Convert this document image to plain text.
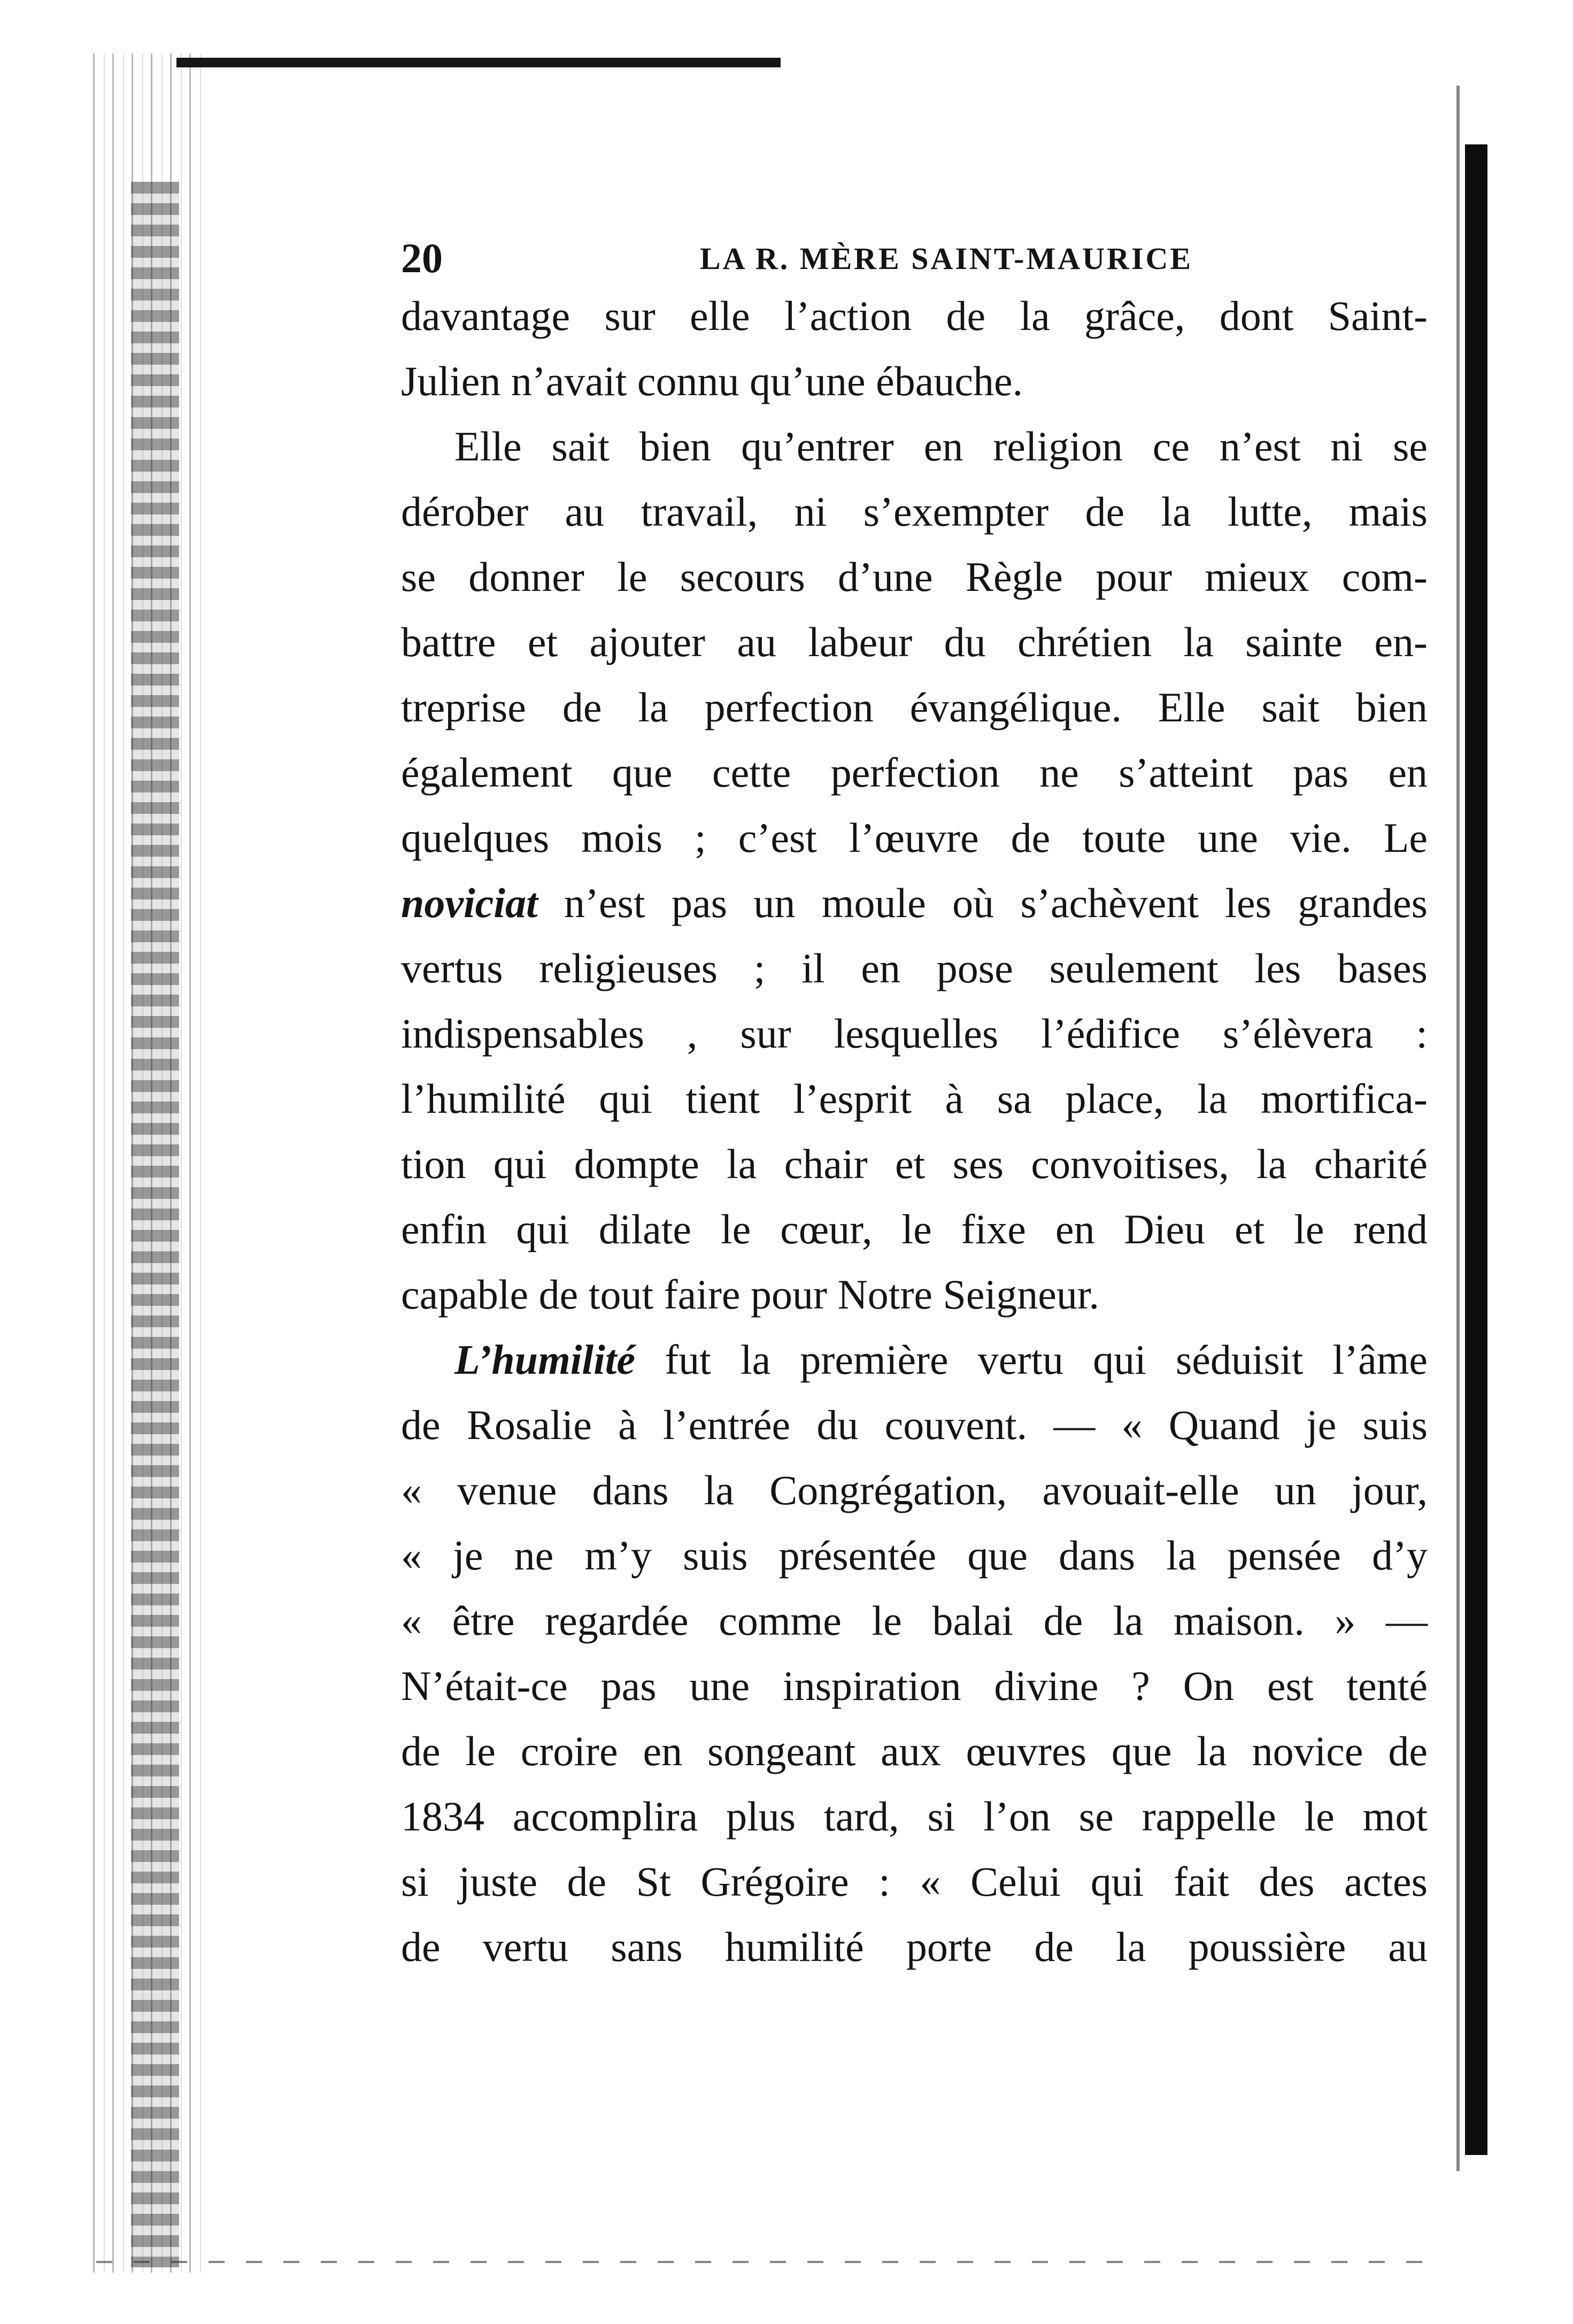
20	LA R. MÈRE SAINT-MAURICE

davantage sur elle l’action de la grâce, dont Saint-
Julien n’avait connu qu’une ébauche.

Elle sait bien qu’entrer en religion ce n’est ni se
dérober au travail, ni s’exempter de la lutte, mais
se donner le secours d’une Règle pour mieux com-
battre et ajouter au labeur du chrétien la sainte en-
treprise de la perfection évangélique. Elle sait bien
également que cette perfection ne s’atteint pas en
quelques mois ; c’est l’œuvre de toute une vie. Le
noviciat n’est pas un moule où s’achèvent les grandes
vertus religieuses ; il en pose seulement les bases
indispensables , sur lesquelles l’édifice s’élèvera :
l’humilité qui tient l’esprit à sa place, la mortifica-
tion qui dompte la chair et ses convoitises, la charité
enfin qui dilate le cœur, le fixe en Dieu et le rend
capable de tout faire pour Notre Seigneur.

L’humilité fut la première vertu qui séduisit l’âme
de Rosalie à l’entrée du couvent. — « Quand je suis
« venue dans la Congrégation, avouait-elle un jour,
« je ne m’y suis présentée que dans la pensée d’y
« être regardée comme le balai de la maison. » —
N’était-ce pas une inspiration divine ? On est tenté
de le croire en songeant aux œuvres que la novice de
1834 accomplira plus tard, si l’on se rappelle le mot
si juste de St Grégoire : « Celui qui fait des actes
de vertu sans humilité porte de la poussière au
